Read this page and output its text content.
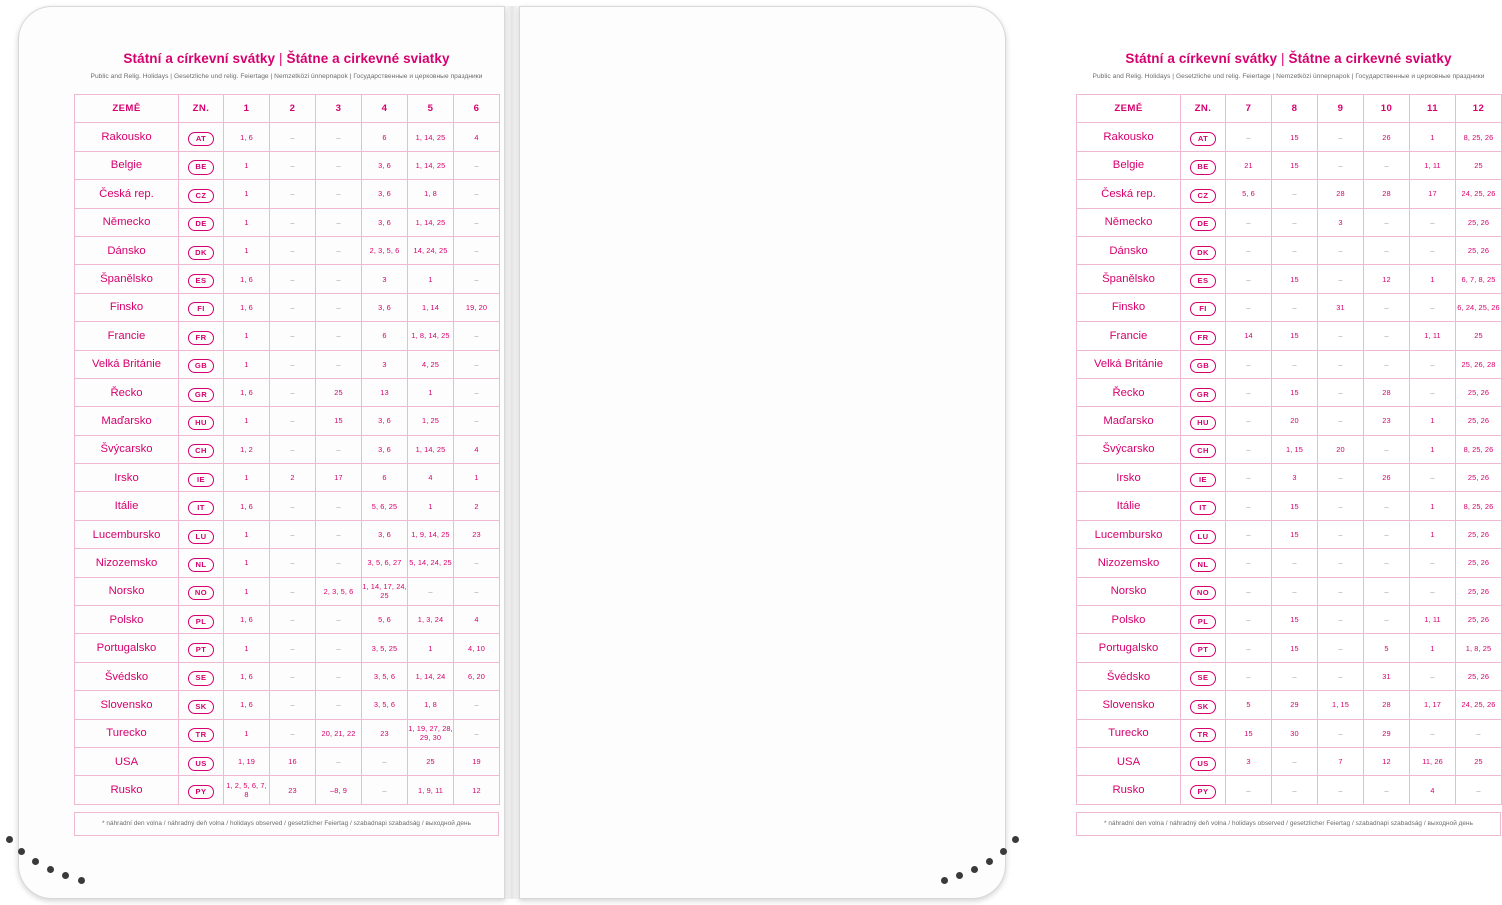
Státní a církevní svátky | Štátne a cirkevné sviatky
Public and Relig. Holidays | Gesetzliche und relig. Feiertage | Nemzetközi ünnepnapok | Государственные и церковные праздники
ZEMĚ	ZN.	1	2	3	4	5	6
Rakousko	AT	1, 6	–	–	6	1, 14, 25	4
Belgie	BE	1	–	–	3, 6	1, 14, 25	–
Česká rep.	CZ	1	–	–	3, 6	1, 8	–
Německo	DE	1	–	–	3, 6	1, 14, 25	–
Dánsko	DK	1	–	–	2, 3, 5, 6	14, 24, 25	–
Španělsko	ES	1, 6	–	–	3	1	–
Finsko	FI	1, 6	–	–	3, 6	1, 14	19, 20
Francie	FR	1	–	–	6	1, 8, 14, 25	–
Velká Británie	GB	1	–	–	3	4, 25	–
Řecko	GR	1, 6	–	25	13	1	–
Maďarsko	HU	1	–	15	3, 6	1, 25	–
Švýcarsko	CH	1, 2	–	–	3, 6	1, 14, 25	4
Irsko	IE	1	2	17	6	4	1
Itálie	IT	1, 6	–	–	5, 6, 25	1	2
Lucembursko	LU	1	–	–	3, 6	1, 9, 14, 25	23
Nizozemsko	NL	1	–	–	3, 5, 6, 27	5, 14, 24, 25	–
Norsko	NO	1	–	2, 3, 5, 6	1, 14, 17, 24, 25	–	–
Polsko	PL	1, 6	–	–	5, 6	1, 3, 24	4
Portugalsko	PT	1	–	–	3, 5, 25	1	4, 10
Švédsko	SE	1, 6	–	–	3, 5, 6	1, 14, 24	6, 20
Slovensko	SK	1, 6	–	–	3, 5, 6	1, 8	–
Turecko	TR	1	–	20, 21, 22	23	1, 19, 27, 28, 29, 30	–
USA	US	1, 19	16	–	–	25	19
Rusko	PY	1, 2, 5, 6, 7, 8	23	–8, 9	–	1, 9, 11	12
* náhradní den volna / náhradný deň volna / holidays observed / gesetzlicher Feiertag / szabadnapi szabadság / выходной день
Státní a církevní svátky | Štátne a cirkevné sviatky
Public and Relig. Holidays | Gesetzliche und relig. Feiertage | Nemzetközi ünnepnapok | Государственные и церковные праздники
ZEMĚ	ZN.	7	8	9	10	11	12
Rakousko	AT	–	15	–	26	1	8, 25, 26
Belgie	BE	21	15	–	–	1, 11	25
Česká rep.	CZ	5, 6	–	28	28	17	24, 25, 26
Německo	DE	–	–	3	–	–	25, 26
Dánsko	DK	–	–	–	–	–	25, 26
Španělsko	ES	–	15	–	12	1	6, 7, 8, 25
Finsko	FI	–	–	31	–	–	6, 24, 25, 26
Francie	FR	14	15	–	–	1, 11	25
Velká Británie	GB	–	–	–	–	–	25, 26, 28
Řecko	GR	–	15	–	28	–	25, 26
Maďarsko	HU	–	20	–	23	1	25, 26
Švýcarsko	CH	–	1, 15	20	–	1	8, 25, 26
Irsko	IE	–	3	–	26	–	25, 26
Itálie	IT	–	15	–	–	1	8, 25, 26
Lucembursko	LU	–	15	–	–	1	25, 26
Nizozemsko	NL	–	–	–	–	–	25, 26
Norsko	NO	–	–	–	–	–	25, 26
Polsko	PL	–	15	–	–	1, 11	25, 26
Portugalsko	PT	–	15	–	5	1	1, 8, 25
Švédsko	SE	–	–	–	31	–	25, 26
Slovensko	SK	5	29	1, 15	28	1, 17	24, 25, 26
Turecko	TR	15	30	–	29	–	–
USA	US	3	–	7	12	11, 26	25
Rusko	PY	–	–	–	–	4	–
* náhradní den volna / náhradný deň volna / holidays observed / gesetzlicher Feiertag / szabadnapi szabadság / выходной день
